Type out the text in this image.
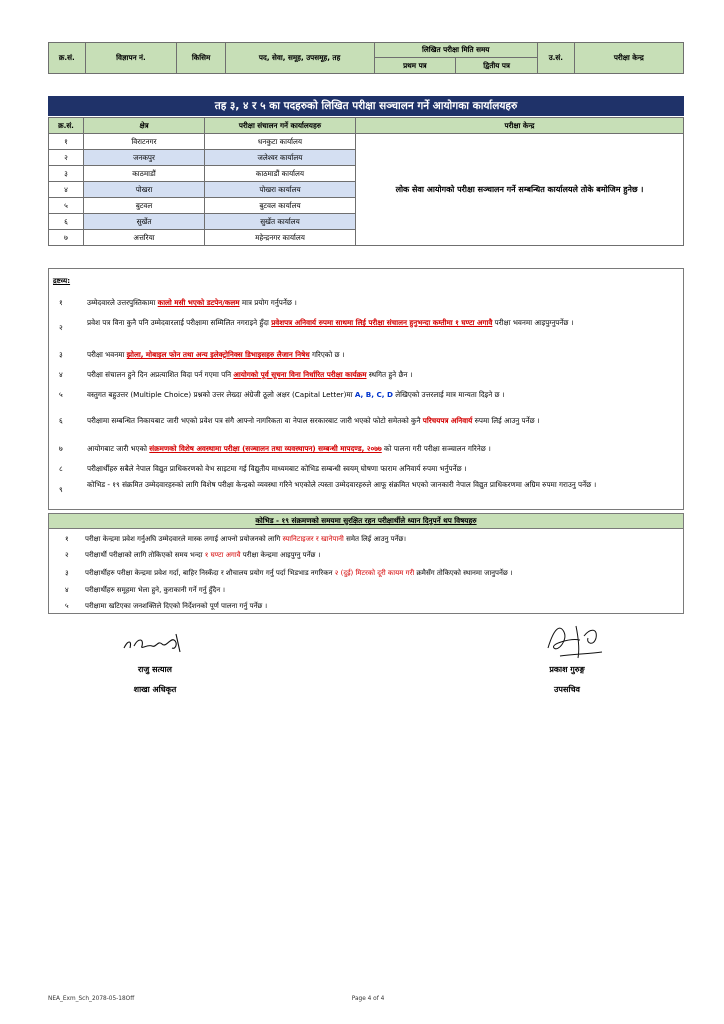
क्र.सं.	विज्ञापन नं.	किसिम	पद, सेवा, समूह, उपसमूह, तह	लिखित परीक्षा मिति समय		उ.सं.	परीक्षा केन्द्र
				प्रथम पत्र	द्वितीय पत्र		
तह ३, ४ र ५ का पदहरुको लिखित परीक्षा सञ्चालन गर्ने आयोगका कार्यालयहरु
क्र.सं.	क्षेत्र	परीक्षा संचालन गर्ने कार्यालयहरु	परीक्षा केन्द्र
१	विराटनगर	धनकुटा कार्यालय	लोक सेवा आयोगको परीक्षा सञ्चालन गर्ने सम्बन्धित कार्यालयले तोके बमोजिम हुनेछ ।
२	जनकपुर	जलेश्वर कार्यालय	
३	काठमाडौं	काठमाडौं कार्यालय	
४	पोखरा	पोखरा कार्यालय	
५	बुटवल	बुटवल कार्यालय	
६	सुर्खेत	सुर्खेत कार्यालय	
७	अत्तरिया	महेन्द्रनगर कार्यालय	
द्रष्टव्य:
१	उम्मेदवारले उत्तरपुस्तिकामा कालो मसी भएको डटपेन/कलम मात्र प्रयोग गर्नुपर्नेछ ।
२
प्रवेश पत्र विना कुनै पनि उम्मेदवारलाई परीक्षामा सम्मिलित नगराइने हुँदा प्रवेशपत्र अनिवार्य रुपमा साथमा लिई परीक्षा संचालन हुनुभन्दा कम्तीमा १ घण्टा अगावै परीक्षा भवनमा आइपुग्नुपर्नेछ ।
३	परीक्षा भवनमा झोला, मोबाइल फोन तथा अन्य इलेक्ट्रोनिक्स डिभाइसहरु लैजान निषेध गरिएको छ ।
४	परीक्षा संचालन हुने दिन अप्रत्याशित विदा पर्न गएमा पनि आयोगको पूर्व सूचना विना निर्धारित परीक्षा कार्यक्रम स्थगित हुने छैन ।
५	वस्तुगत बहुउत्तर (Multiple Choice) प्रश्नको उत्तर लेख्दा अंग्रेजी ठूलो अक्षर (Capital Letter)मा A, B, C, D लेखिएको उत्तरलाई मात्र मान्यता दिइने छ ।
६	परीक्षामा सम्बन्धित निकायबाट जारी भएको प्रवेश पत्र संगै आफ्नो नागरिकता वा नेपाल सरकारबाट जारी भएको फोटो समेतको कुनै परिचयपत्र अनिवार्य रुपमा लिई आउनु पर्नेछ ।
७	आयोगबाट जारी भएको संक्रमणको विशेष अवस्थामा परीक्षा (सञ्चालन तथा व्यवस्थापन) सम्बन्धी मापदण्ड, २०७७ को पालना गरी परीक्षा सञ्चालन गरिनेछ ।
८	परीक्षार्थीहरु सबैले नेपाल विद्युत प्राधिकरणको वेभ साइटमा गई विद्युतीय माध्यमबाट कोभिड सम्बन्धी स्वयम् घोषणा फाराम अनिवार्य रुपमा भर्नुपर्नेछ ।
९
कोभिड - १९ संक्रमित उम्मेदवारहरुको लागि विशेष परीक्षा केन्द्रको व्यवस्था गरिने भएकोले त्यस्ता उम्मेदवारहरुले आफू संक्रमित भएको जानकारी नेपाल विद्युत प्राधिकरणमा अग्रिम रुपमा गराउनु पर्नेछ ।
कोभिड - १९ संक्रमणको समयमा सुरक्षित रहन परीक्षार्थीले ध्यान दिनुपर्ने थप विषयहरु
१ परीक्षा केन्द्रमा प्रवेश गर्नुअघि उम्मेदवारले मास्क लगाई आफ्नो प्रयोजनको लागि स्यानिटाइजर र खानेपानी समेत लिई आउनु पर्नेछ।
२ परीक्षार्थी परीक्षाको लागि तोकिएको समय भन्दा १ घण्टा अगावै परीक्षा केन्द्रमा आइपुग्नु पर्नेछ ।
३ परीक्षार्थीहरु परीक्षा केन्द्रमा प्रवेश गर्दा, बाहिर निस्कँदा र शौचालय प्रयोग गर्नु पर्दा भिडभाड नगरिकन २ (दुई) मिटरको दूरी कायम गरी क्रमैसँग तोकिएको स्थानमा जानुपर्नेछ ।
४ परीक्षार्थीहरु समूहमा भेला हुने, कुराकानी गर्ने गर्नु हुँदैन ।
५ परीक्षामा खटिएका जनशक्तिले दिएको निर्देशनको पूर्ण पालना गर्नु पर्नेछ ।
राजु सत्याल
शाखा अधिकृत
प्रकाश गुरुङ्ग
उपसचिव
NEA_Exm_Sch_2078-05-18Off	Page 4 of 4
